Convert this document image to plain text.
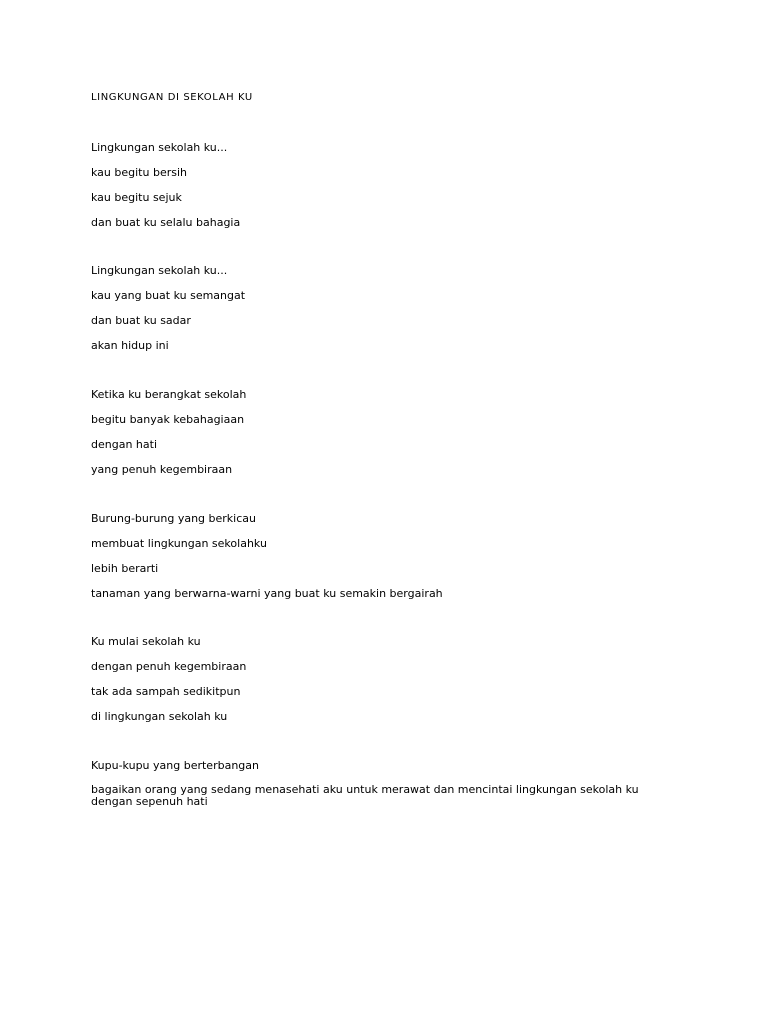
LINGKUNGAN DI SEKOLAH KU
Lingkungan sekolah ku...
kau begitu bersih
kau begitu sejuk
dan buat ku selalu bahagia
Lingkungan sekolah ku...
kau yang buat ku semangat
dan buat ku sadar
akan hidup ini
Ketika ku berangkat sekolah
begitu banyak kebahagiaan
dengan hati
yang penuh kegembiraan
Burung-burung yang berkicau
membuat lingkungan sekolahku
lebih berarti
tanaman yang berwarna-warni yang buat ku semakin bergairah
Ku mulai sekolah ku
dengan penuh kegembiraan
tak ada sampah sedikitpun
di lingkungan sekolah ku
Kupu-kupu yang berterbangan
bagaikan orang yang sedang menasehati aku untuk merawat dan mencintai lingkungan sekolah ku dengan sepenuh hati
